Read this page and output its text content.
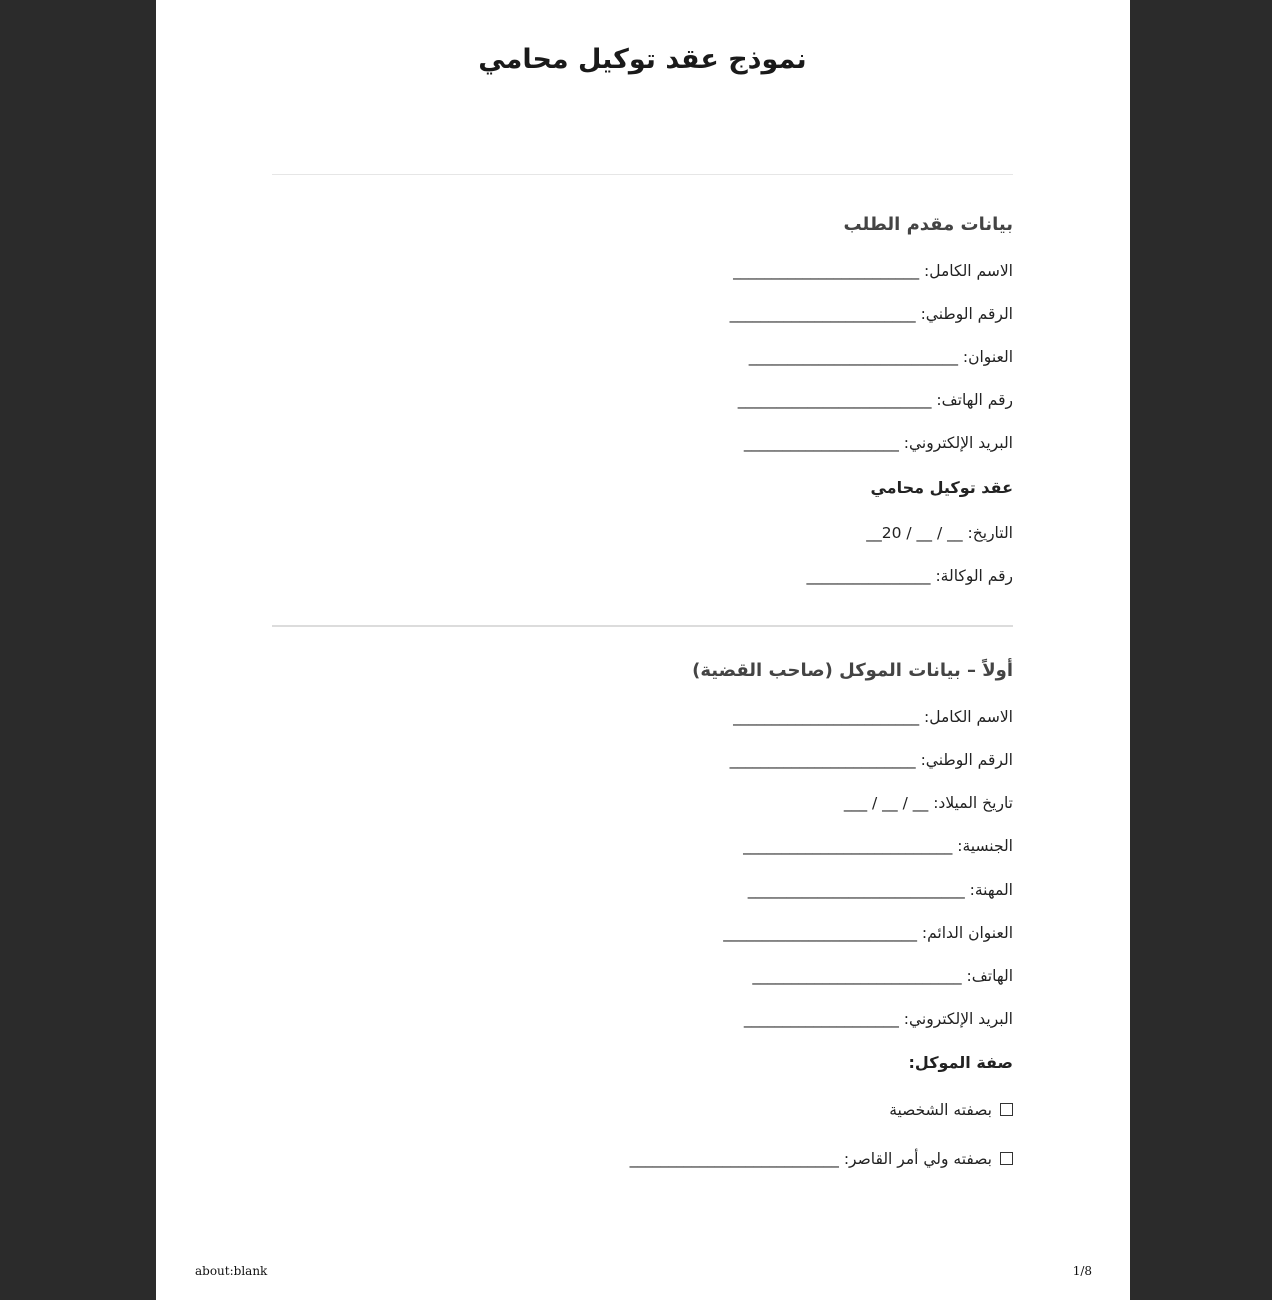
نموذج عقد توكيل محامي
بيانات مقدم الطلب
الاسم الكامل: ________________________
الرقم الوطني: ________________________
العنوان: ___________________________
رقم الهاتف: _________________________
البريد الإلكتروني: ____________________
عقد توكيل محامي
التاريخ: __ / __ / 20__
رقم الوكالة: ________________
أولاً – بيانات الموكل (صاحب القضية)
الاسم الكامل: ________________________
الرقم الوطني: ________________________
تاريخ الميلاد: __ / __ / ___
الجنسية: ___________________________
المهنة: ____________________________
العنوان الدائم: _________________________
الهاتف: ___________________________
البريد الإلكتروني: ____________________
صفة الموكل:
بصفته الشخصية
بصفته ولي أمر القاصر: ___________________________
about:blank	1/8
